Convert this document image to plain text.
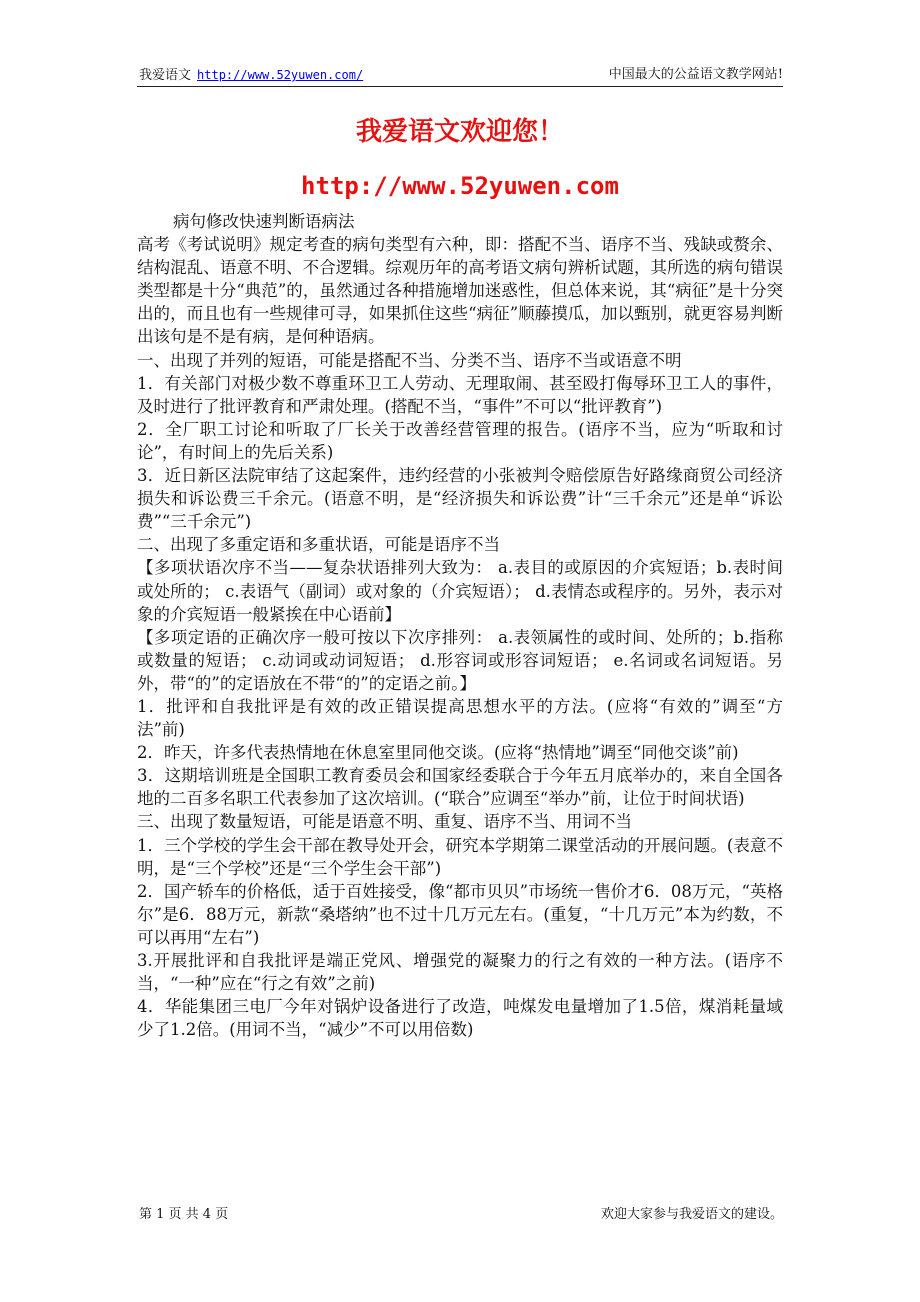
我爱语文 http://www.52yuwen.com/	中国最大的公益语文教学网站!
我爱语文欢迎您！
http://www.52yuwen.com

病句修改快速判断语病法

高考《考试说明》规定考查的病句类型有六种，即：搭配不当、语序不当、残缺或赘余、结构混乱、语意不明、不合逻辑。综观历年的高考语文病句辨析试题，其所选的病句错误类型都是十分“典范”的，虽然通过各种措施增加迷惑性，但总体来说，其“病征”是十分突出的，而且也有一些规律可寻，如果抓住这些“病征”顺藤摸瓜，加以甄别，就更容易判断出该句是不是有病，是何种语病。

一、出现了并列的短语，可能是搭配不当、分类不当、语序不当或语意不明

1．有关部门对极少数不尊重环卫工人劳动、无理取闹、甚至殴打侮辱环卫工人的事件，及时进行了批评教育和严肃处理。(搭配不当，“事件”不可以“批评教育”)

2．全厂职工讨论和听取了厂长关于改善经营管理的报告。(语序不当，应为“听取和讨论”，有时间上的先后关系)

3．近日新区法院审结了这起案件，违约经营的小张被判令赔偿原告好路缘商贸公司经济损失和诉讼费三千余元。(语意不明，是“经济损失和诉讼费”计“三千余元”还是单“诉讼费”“三千余元”)

二、出现了多重定语和多重状语，可能是语序不当

【多项状语次序不当——复杂状语排列大致为： a.表目的或原因的介宾短语；b.表时间或处所的； c.表语气（副词）或对象的（介宾短语）； d.表情态或程序的。另外，表示对象的介宾短语一般紧挨在中心语前】

【多项定语的正确次序一般可按以下次序排列： a.表领属性的或时间、处所的；b.指称或数量的短语； c.动词或动词短语； d.形容词或形容词短语； e.名词或名词短语。另外，带“的”的定语放在不带“的”的定语之前。】

1．批评和自我批评是有效的改正错误提高思想水平的方法。(应将“有效的”调至“方法”前)

2．昨天，许多代表热情地在休息室里同他交谈。(应将“热情地”调至“同他交谈”前)

3．这期培训班是全国职工教育委员会和国家经委联合于今年五月底举办的，来自全国各地的二百多名职工代表参加了这次培训。(“联合”应调至“举办”前，让位于时间状语)

三、出现了数量短语，可能是语意不明、重复、语序不当、用词不当

1．三个学校的学生会干部在教导处开会，研究本学期第二课堂活动的开展问题。(表意不明，是“三个学校”还是“三个学生会干部”)

2．国产轿车的价格低，适于百姓接受，像“都市贝贝”市场统一售价才6．08万元，“英格尔”是6．88万元，新款“桑塔纳”也不过十几万元左右。(重复，“十几万元”本为约数，不可以再用“左右”)

3.开展批评和自我批评是端正党风、增强党的凝聚力的行之有效的一种方法。(语序不当，“一种”应在“行之有效”之前)

4．华能集团三电厂今年对锅炉设备进行了改造，吨煤发电量增加了1.5倍，煤消耗量域少了1.2倍。(用词不当，“减少”不可以用倍数)

第 1 页 共 4 页	欢迎大家参与我爱语文的建设。
